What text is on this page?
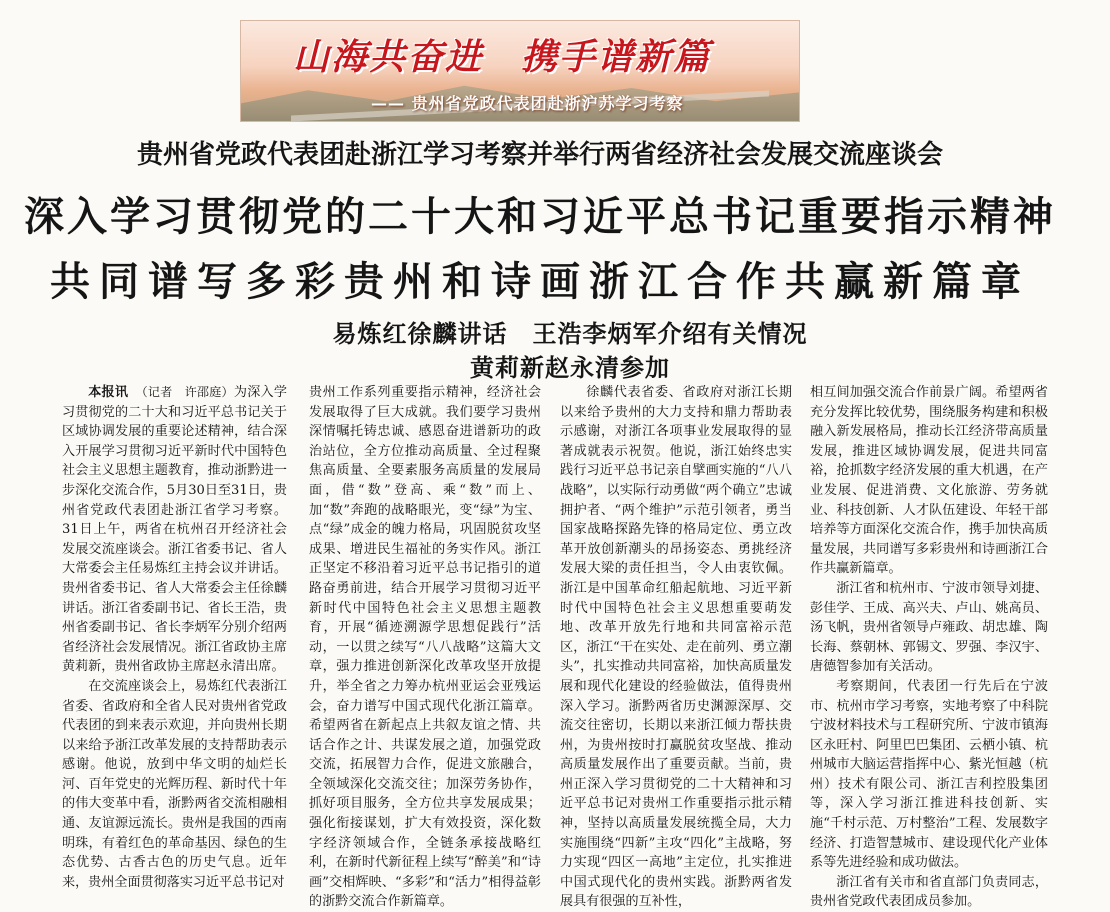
山海共奋进　携手谱新篇
—— 贵州省党政代表团赴浙沪苏学习考察
贵州省党政代表团赴浙江学习考察并举行两省经济社会发展交流座谈会
深入学习贯彻党的二十大和习近平总书记重要指示精神
共同谱写多彩贵州和诗画浙江合作共赢新篇章
易炼红徐麟讲话　王浩李炳军介绍有关情况
黄莉新赵永清参加

本报讯　 （记者　许邵庭）为深入学习贯彻党的二十大和习近平总书记关于区域协调发展的重要论述精神，结合深入开展学习贯彻习近平新时代中国特色社会主义思想主题教育，推动浙黔进一步深化交流合作，5月30日至31日，贵州省党政代表团赴浙江省学习考察。31日上午，两省在杭州召开经济社会发展交流座谈会。浙江省委书记、省人大常委会主任易炼红主持会议并讲话。贵州省委书记、省人大常委会主任徐麟讲话。浙江省委副书记、省长王浩，贵州省委副书记、省长李炳军分别介绍两省经济社会发展情况。浙江省政协主席黄莉新，贵州省政协主席赵永清出席。

在交流座谈会上，易炼红代表浙江省委、省政府和全省人民对贵州省党政代表团的到来表示欢迎，并向贵州长期以来给予浙江改革发展的支持帮助表示感谢。他说，放到中华文明的灿烂长河、百年党史的光辉历程、新时代十年的伟大变革中看，浙黔两省交流相融相通、友谊源远流长。贵州是我国的西南明珠，有着红色的革命基因、绿色的生态优势、古香古色的历史气息。近年来，贵州全面贯彻落实习近平总书记对

贵州工作系列重要指示精神，经济社会发展取得了巨大成就。我们要学习贵州深情嘱托铸忠诚、感恩奋进谱新功的政治站位，全方位推动高质量、全过程聚焦高质量、全要素服务高质量的发展局面，借“数”登高、乘“数”而上、加“数”奔跑的战略眼光，变“绿”为宝、点“绿”成金的魄力格局，巩固脱贫攻坚成果、增进民生福祉的务实作风。浙江正坚定不移沿着习近平总书记指引的道路奋勇前进，结合开展学习贯彻习近平新时代中国特色社会主义思想主题教育，开展“循迹溯源学思想促践行”活动，一以贯之续写“八八战略”这篇大文章，强力推进创新深化改革攻坚开放提升，举全省之力筹办杭州亚运会亚残运会，奋力谱写中国式现代化浙江篇章。希望两省在新起点上共叙友谊之情、共话合作之计、共谋发展之道，加强党政交流，拓展智力合作，促进文旅融合，全领域深化交流交往；加深劳务协作，抓好项目服务，全方位共享发展成果；强化衔接谋划，扩大有效投资，深化数字经济领域合作，全链条承接战略红利，在新时代新征程上续写“醉美”和“诗画”交相辉映、“多彩”和“活力”相得益彰的浙黔交流合作新篇章。

徐麟代表省委、省政府对浙江长期以来给予贵州的大力支持和鼎力帮助表示感谢，对浙江各项事业发展取得的显著成就表示祝贺。他说，浙江始终忠实践行习近平总书记亲自擘画实施的“八八战略”，以实际行动勇做“两个确立”忠诚拥护者、“两个维护”示范引领者，勇当国家战略探路先锋的格局定位、勇立改革开放创新潮头的昂扬姿态、勇挑经济发展大梁的责任担当，令人由衷钦佩。浙江是中国革命红船起航地、习近平新时代中国特色社会主义思想重要萌发地、改革开放先行地和共同富裕示范区，浙江“干在实处、走在前列、勇立潮头”，扎实推动共同富裕，加快高质量发展和现代化建设的经验做法，值得贵州深入学习。浙黔两省历史渊源深厚、交流交往密切，长期以来浙江倾力帮扶贵州，为贵州按时打赢脱贫攻坚战、推动高质量发展作出了重要贡献。当前，贵州正深入学习贯彻党的二十大精神和习近平总书记对贵州工作重要指示批示精神，坚持以高质量发展统揽全局，大力实施围绕“四新”主攻“四化”主战略，努力实现“四区一高地”主定位，扎实推进中国式现代化的贵州实践。浙黔两省发展具有很强的互补性，

相互间加强交流合作前景广阔。希望两省充分发挥比较优势，围绕服务构建和积极融入新发展格局，推动长江经济带高质量发展，推进区域协调发展，促进共同富裕，抢抓数字经济发展的重大机遇，在产业发展、促进消费、文化旅游、劳务就业、科技创新、人才队伍建设、年轻干部培养等方面深化交流合作，携手加快高质量发展，共同谱写多彩贵州和诗画浙江合作共赢新篇章。

浙江省和杭州市、宁波市领导刘捷、彭佳学、王成、高兴夫、卢山、姚高员、汤飞帆，贵州省领导卢雍政、胡忠雄、陶长海、蔡朝林、郭锡文、罗强、李汉宇、唐德智参加有关活动。

考察期间，代表团一行先后在宁波市、杭州市学习考察，实地考察了中科院宁波材料技术与工程研究所、宁波市镇海区永旺村、阿里巴巴集团、云栖小镇、杭州城市大脑运营指挥中心、紫光恒越（杭州）技术有限公司、浙江吉利控股集团等，深入学习浙江推进科技创新、实施“千村示范、万村整治”工程、发展数字经济、打造智慧城市、建设现代化产业体系等先进经验和成功做法。

浙江省有关市和省直部门负责同志，贵州省党政代表团成员参加。
